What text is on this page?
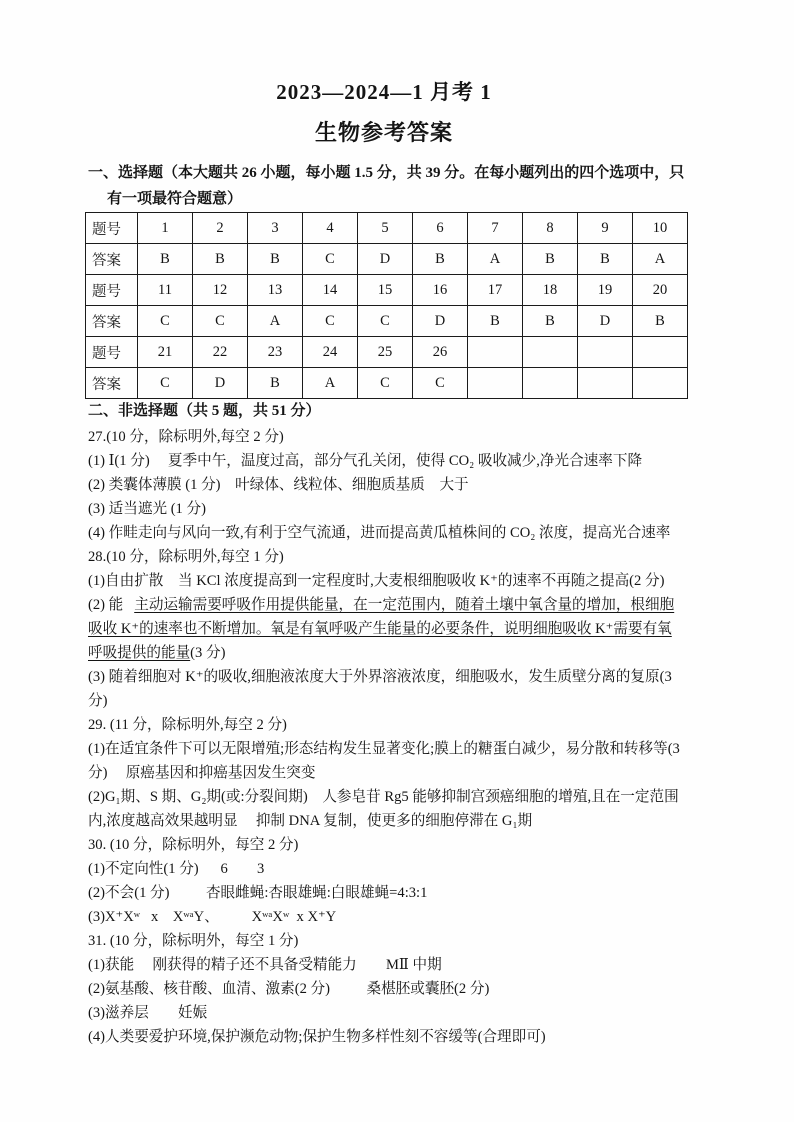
2023—2024—1 月考 1
生物参考答案
一、选择题（本大题共 26 小题，每小题 1.5 分，共 39 分。在每小题列出的四个选项中，只有一项最符合题意）
题号	1	2	3	4	5	6	7	8	9	10
答案	B	B	B	C	D	B	A	B	B	A
题号	11	12	13	14	15	16	17	18	19	20
答案	C	C	A	C	C	D	B	B	D	B
题号	21	22	23	24	25	26				
答案	C	D	B	A	C	C				
二、非选择题（共 5 题，共 51 分）
27.(10 分，除标明外,每空 2 分)
(1) Ⅰ(1 分)     夏季中午，温度过高，部分气孔关闭，使得 CO₂ 吸收减少,净光合速率下降
(2) 类囊体薄膜 (1 分)    叶绿体、线粒体、细胞质基质    大于
(3) 适当遮光 (1 分)
(4) 作畦走向与风向一致,有利于空气流通，进而提高黄瓜植株间的 CO₂ 浓度，提高光合速率
28.(10 分，除标明外,每空 1 分)
(1)自由扩散    当 KCl 浓度提高到一定程度时,大麦根细胞吸收 K⁺的速率不再随之提高(2 分)
(2) 能   主动运输需要呼吸作用提供能量，在一定范围内，随着土壤中氧含量的增加，根细胞吸收 K⁺的速率也不断增加。氧是有氧呼吸产生能量的必要条件，说明细胞吸收 K⁺需要有氧呼吸提供的能量(3 分)
(3) 随着细胞对 K⁺的吸收,细胞液浓度大于外界溶液浓度，细胞吸水，发生质壁分离的复原(3 分)
29. (11 分，除标明外,每空 2 分)
(1)在适宜条件下可以无限增殖;形态结构发生显著变化;膜上的糖蛋白减少，易分散和转移等(3 分)     原癌基因和抑癌基因发生突变
(2)G₁期、S 期、G₂期(或:分裂间期)    人参皂苷 Rg5 能够抑制宫颈癌细胞的增殖,且在一定范围内,浓度越高效果越明显     抑制 DNA 复制，使更多的细胞停滞在 G₁期
30. (10 分，除标明外，每空 2 分)
(1)不定向性(1 分)      6        3
(2)不会(1 分)          杏眼雌蝇:杏眼雄蝇:白眼雄蝇=4:3:1
(3)X⁺Xʷ   x    XʷᵃY、         XʷᵃXʷ  x X⁺Y
31. (10 分，除标明外，每空 1 分)
(1)获能     刚获得的精子还不具备受精能力        MⅡ 中期
(2)氨基酸、核苷酸、血清、激素(2 分)          桑椹胚或囊胚(2 分)
(3)滋养层        妊娠
(4)人类要爱护环境,保护濒危动物;保护生物多样性刻不容缓等(合理即可)
